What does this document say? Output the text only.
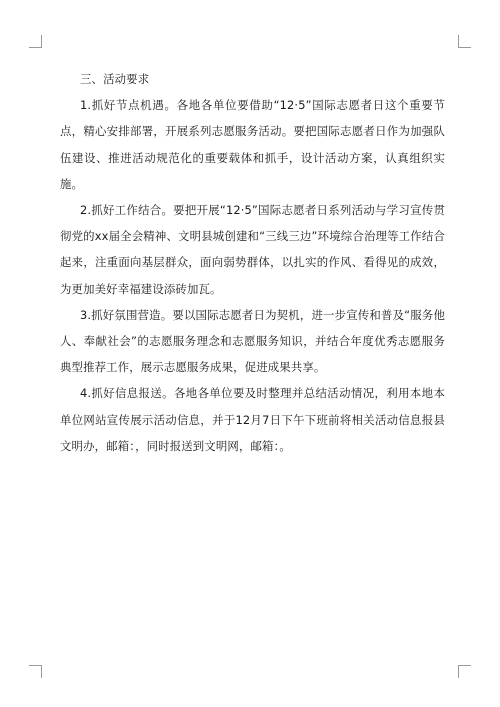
三、活动要求

1.抓好节点机遇。各地各单位要借助“12·5”国际志愿者日这个重要节点，精心安排部署，开展系列志愿服务活动。要把国际志愿者日作为加强队伍建设、推进活动规范化的重要载体和抓手，设计活动方案，认真组织实施。

2.抓好工作结合。要把开展“12·5”国际志愿者日系列活动与学习宣传贯彻党的xx届全会精神、文明县城创建和“三线三边”环境综合治理等工作结合起来，注重面向基层群众，面向弱势群体，以扎实的作风、看得见的成效，为更加美好幸福建设添砖加瓦。

3.抓好氛围营造。要以国际志愿者日为契机，进一步宣传和普及“服务他人、奉献社会”的志愿服务理念和志愿服务知识，并结合年度优秀志愿服务典型推荐工作，展示志愿服务成果，促进成果共享。

4.抓好信息报送。各地各单位要及时整理并总结活动情况，利用本地本单位网站宣传展示活动信息，并于12月7日下午下班前将相关活动信息报县文明办，邮箱：，同时报送到文明网，邮箱：。
